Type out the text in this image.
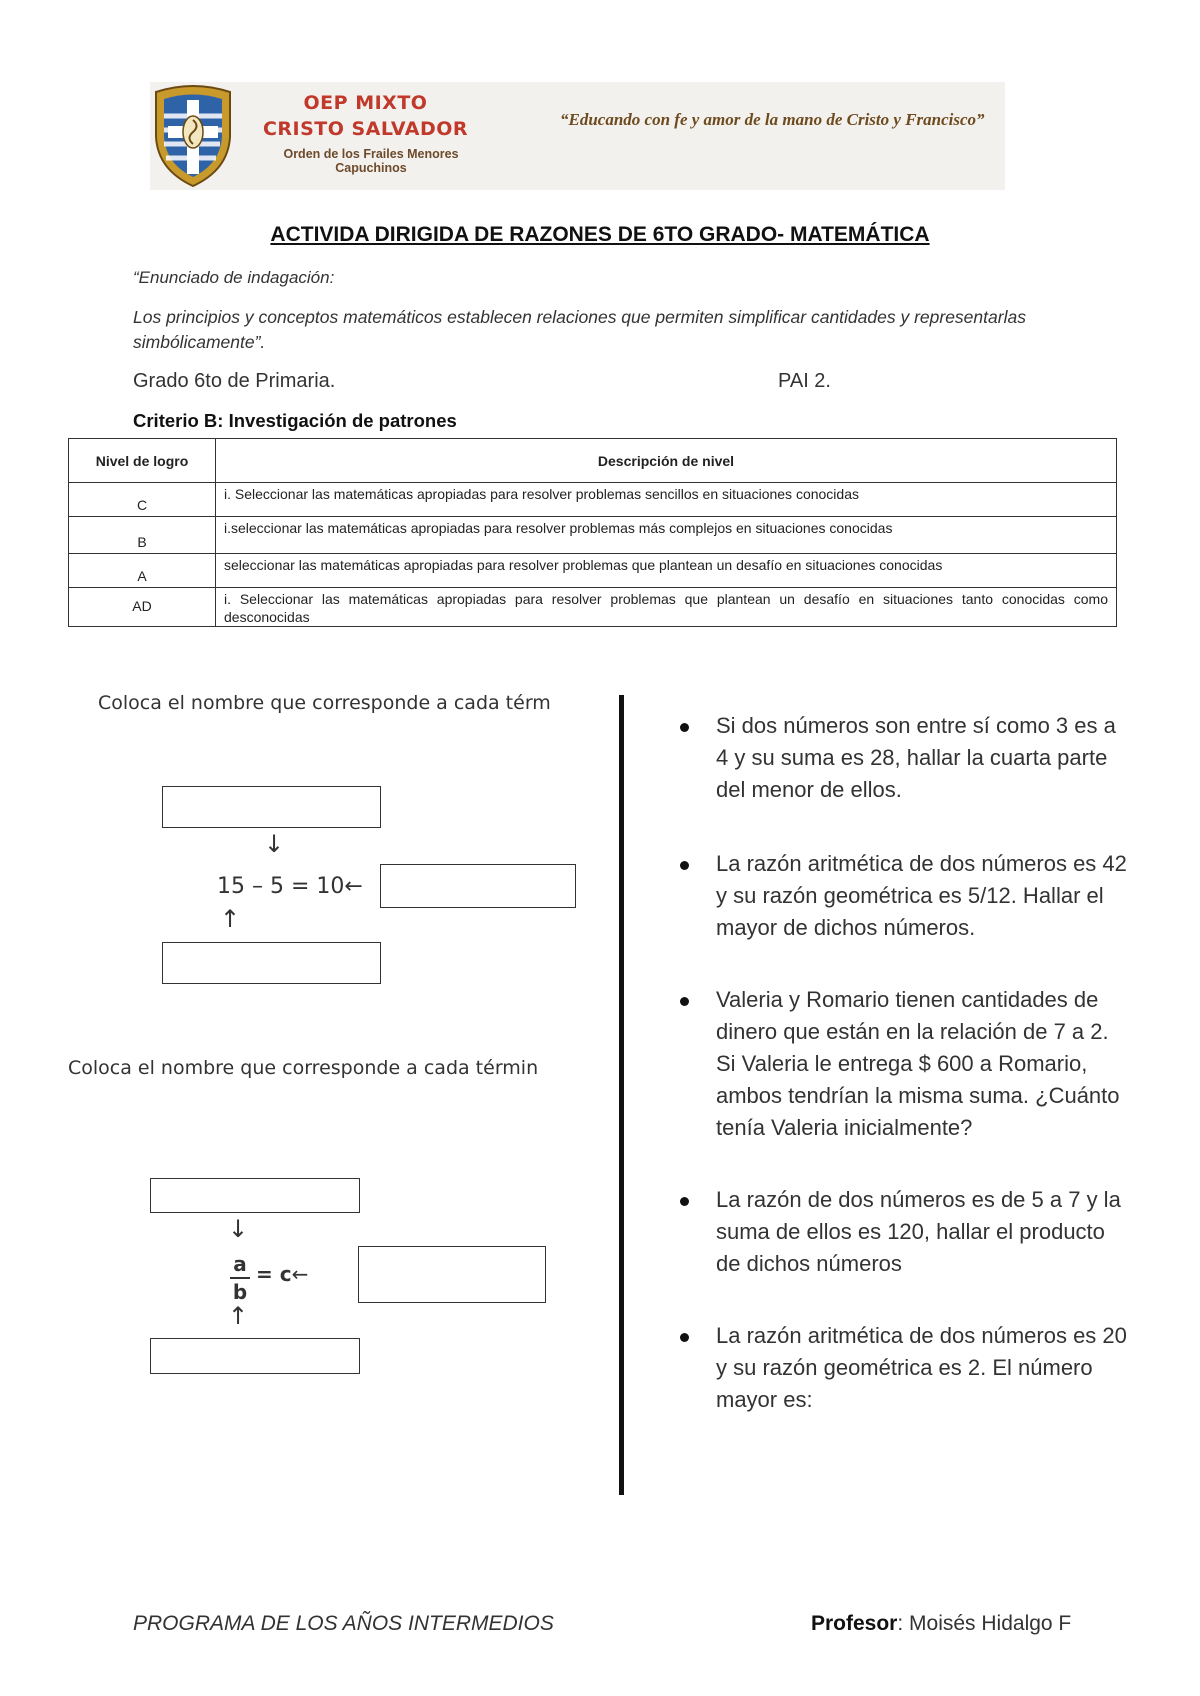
OEP MIXTO
CRISTO SALVADOR
Orden de los Frailes Menores Capuchinos
“Educando con fe y amor de la mano de Cristo y Francisco”
ACTIVIDA DIRIGIDA DE RAZONES DE 6TO GRADO- MATEMÁTICA
“Enunciado de indagación:
Los principios y conceptos matemáticos establecen relaciones que permiten simplificar cantidades y representarlas simbólicamente”.
Grado 6to de Primaria.	PAI 2.
Criterio B: Investigación de patrones
Nivel de logro	Descripción de nivel
C	i. Seleccionar las matemáticas apropiadas para resolver problemas sencillos en situaciones conocidas
B	i.seleccionar las matemáticas apropiadas para resolver problemas más complejos en situaciones conocidas
A	seleccionar las matemáticas apropiadas para resolver problemas que plantean un desafío en situaciones conocidas
AD	i. Seleccionar las matemáticas apropiadas para resolver problemas que plantean un desafío en situaciones tanto conocidas como desconocidas
Coloca el nombre que corresponde a cada térm
↓
15 – 5 = 10←
↑
Coloca el nombre que corresponde a cada términ
↓
a
b
= c←
↑
Si dos números son entre sí como 3 es a 4 y su suma es 28, hallar la cuarta parte del menor de ellos.
La razón aritmética de dos números es 42 y su razón geométrica es 5/12. Hallar el mayor de dichos números.
Valeria y Romario tienen cantidades de dinero que están en la relación de 7 a 2. Si Valeria le entrega $ 600 a Romario, ambos tendrían la misma suma. ¿Cuánto tenía Valeria inicialmente?
La razón de dos números es de 5 a 7 y la suma de ellos es 120, hallar el producto de dichos números
La razón aritmética de dos números es 20 y su razón geométrica es 2. El número mayor es:
PROGRAMA DE LOS AÑOS INTERMEDIOS	Profesor: Moisés Hidalgo F
